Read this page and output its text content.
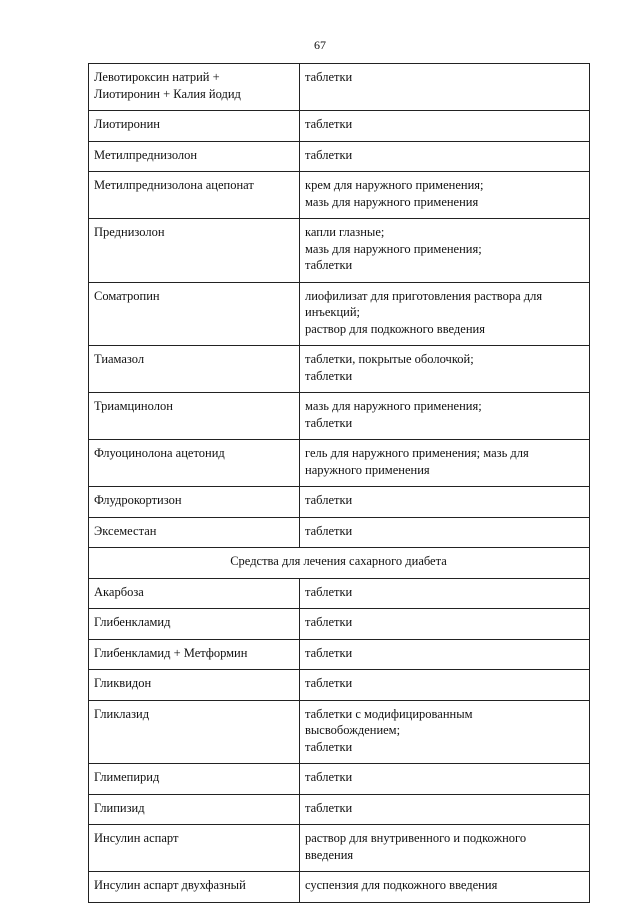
67
Левотироксин натрий +
Лиотиронин + Калия йодид	таблетки

Лиотиронин	таблетки

Метилпреднизолон	таблетки

Метилпреднизолона ацепонат	крем для наружного применения;
мазь для наружного применения

Преднизолон	капли глазные;
мазь для наружного применения;
таблетки

Соматропин	лиофилизат для приготовления раствора для
инъекций;
раствор для подкожного введения

Тиамазол	таблетки, покрытые оболочкой;
таблетки

Триамцинолон	мазь для наружного применения;
таблетки

Флуоцинолона ацетонид	гель для наружного применения; мазь для
наружного применения

Флудрокортизон	таблетки

Эксеместан	таблетки

Средства для лечения сахарного диабета	

Акарбоза	таблетки

Глибенкламид	таблетки

Глибенкламид + Метформин	таблетки

Гликвидон	таблетки

Гликлазид	таблетки с модифицированным
высвобождением;
таблетки

Глимепирид	таблетки

Глипизид	таблетки

Инсулин аспарт	раствор для внутривенного и подкожного
введения

Инсулин аспарт двухфазный	суспензия для подкожного введения
